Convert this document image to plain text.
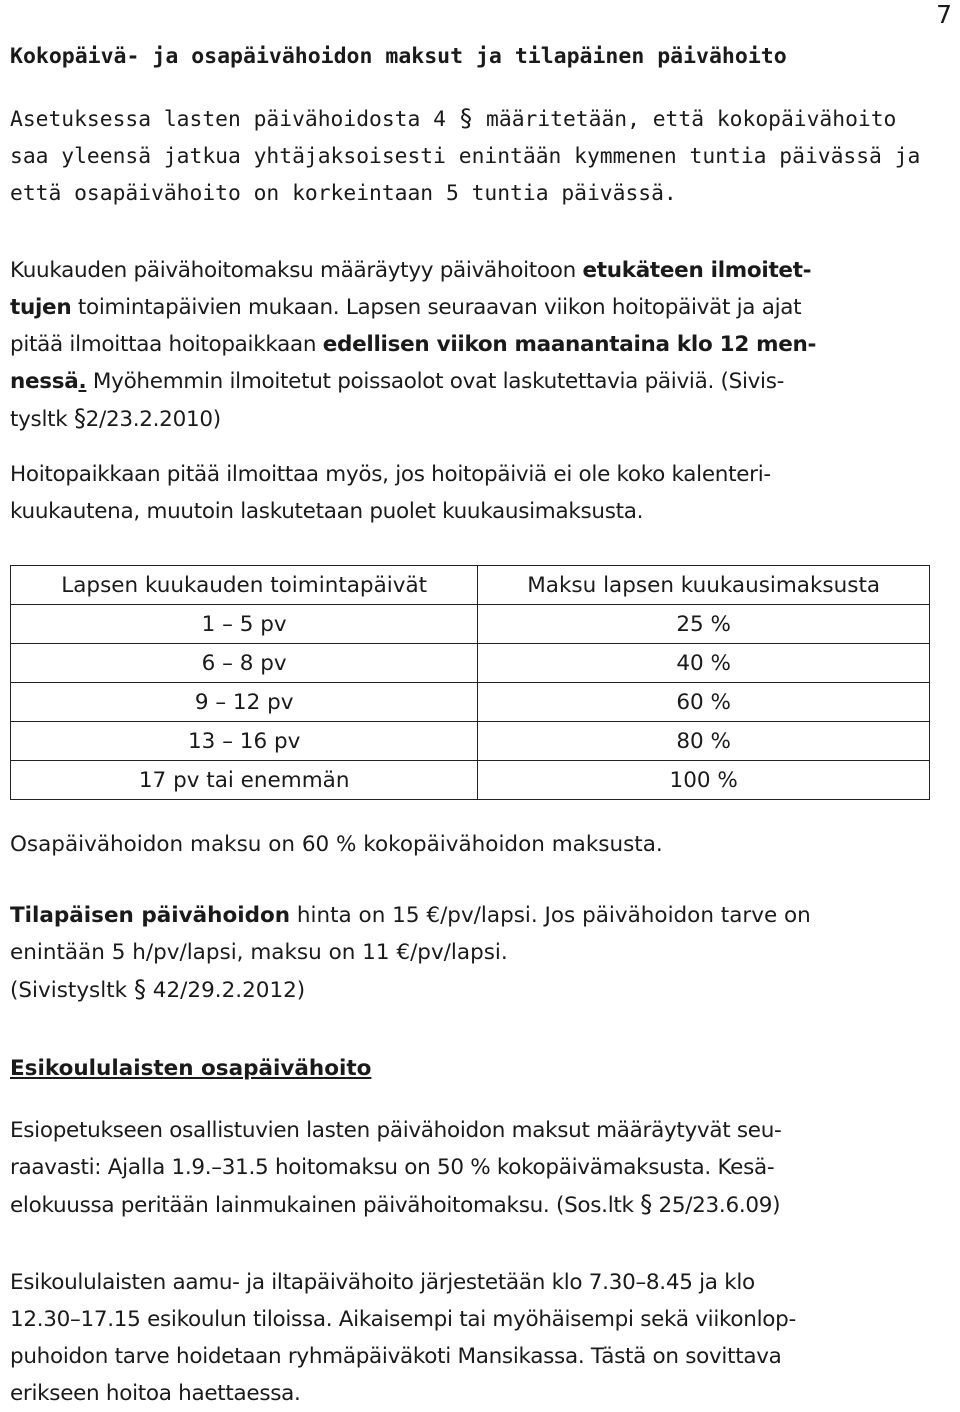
7
Kokopäivä- ja osapäivähoidon maksut ja tilapäinen päivähoito
Asetuksessa lasten päivähoidosta 4 § määritetään, että kokopäivähoito
saa yleensä jatkua yhtäjaksoisesti enintään kymmenen tuntia päivässä ja
että osapäivähoito on korkeintaan 5 tuntia päivässä.
Kuukauden päivähoitomaksu määräytyy päivähoitoon etukäteen ilmoitet-
tujen toimintapäivien mukaan. Lapsen seuraavan viikon hoitopäivät ja ajat
pitää ilmoittaa hoitopaikkaan edellisen viikon maanantaina klo 12 men-
nessä. Myöhemmin ilmoitetut poissaolot ovat laskutettavia päiviä. (Sivis-
tysltk §2/23.2.2010)
Hoitopaikkaan pitää ilmoittaa myös, jos hoitopäiviä ei ole koko kalenteri-
kuukautena, muutoin laskutetaan puolet kuukausimaksusta.
Lapsen kuukauden toimintapäivät	Maksu lapsen kuukausimaksusta
1 – 5 pv	25 %
6 – 8 pv	40 %
9 – 12 pv	60 %
13 – 16 pv	80 %
17 pv tai enemmän	100 %
Osapäivähoidon maksu on 60 % kokopäivähoidon maksusta.
Tilapäisen päivähoidon hinta on 15 €/pv/lapsi. Jos päivähoidon tarve on
enintään 5 h/pv/lapsi, maksu on 11 €/pv/lapsi.
(Sivistysltk § 42/29.2.2012)
Esikoululaisten osapäivähoito
Esiopetukseen osallistuvien lasten päivähoidon maksut määräytyvät seu-
raavasti: Ajalla 1.9.–31.5 hoitomaksu on 50 % kokopäivämaksusta. Kesä-
elokuussa peritään lainmukainen päivähoitomaksu. (Sos.ltk § 25/23.6.09)
Esikoululaisten aamu- ja iltapäivähoito järjestetään klo 7.30–8.45 ja klo
12.30–17.15 esikoulun tiloissa. Aikaisempi tai myöhäisempi sekä viikonlop-
puhoidon tarve hoidetaan ryhmäpäiväkoti Mansikassa. Tästä on sovittava
erikseen hoitoa haettaessa.
